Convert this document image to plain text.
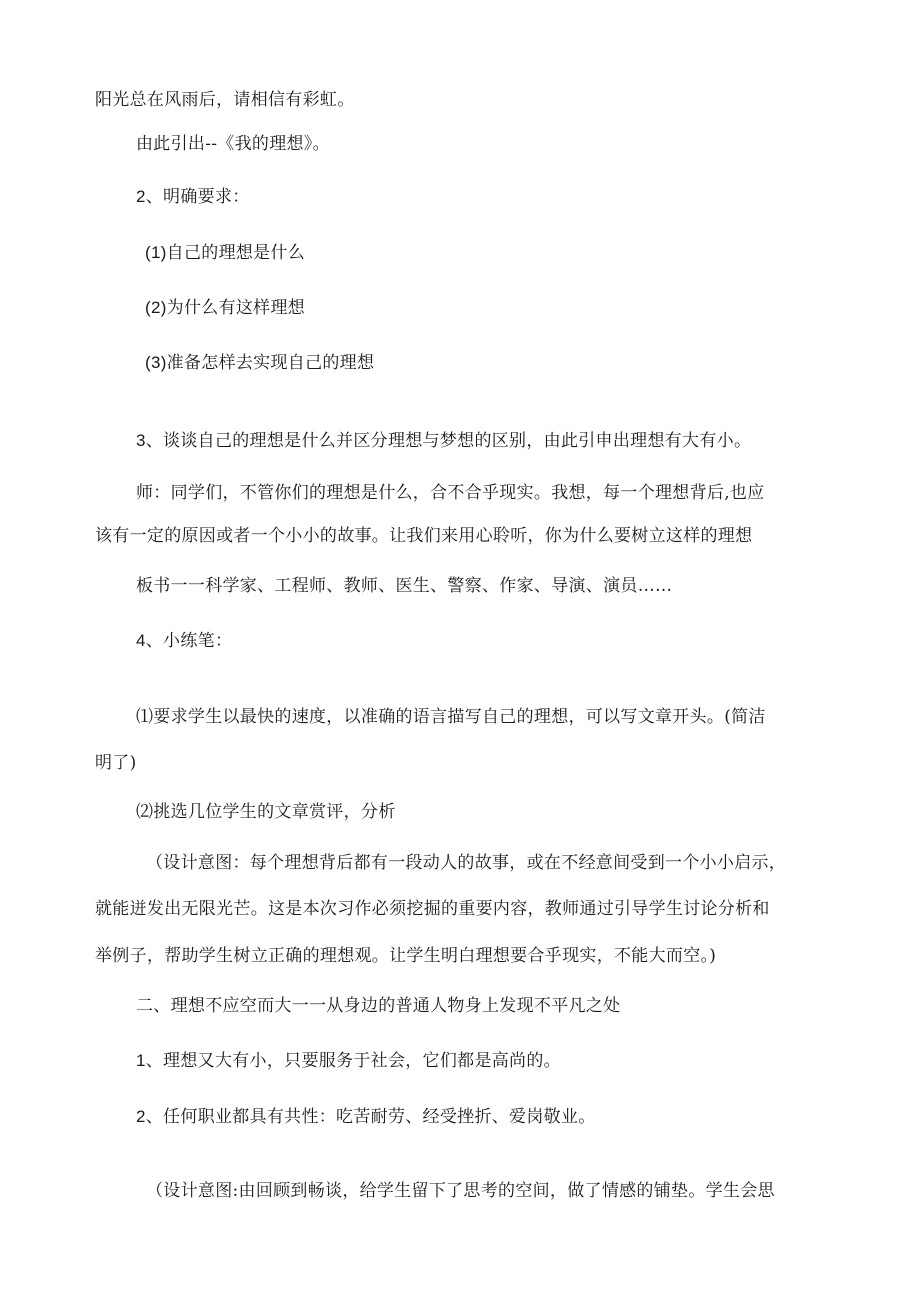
阳光总在风雨后，请相信有彩虹。
由此引出--《我的理想》。
2、明确要求：
(1)自己的理想是什么
(2)为什么有这样理想
(3)准备怎样去实现自己的理想
3、谈谈自己的理想是什么并区分理想与梦想的区别，由此引申出理想有大有小。
师：同学们，不管你们的理想是什么，合不合乎现实。我想，每一个理想背后,也应
该有一定的原因或者一个小小的故事。让我们来用心聆听，你为什么要树立这样的理想
板书一一科学家、工程师、教师、医生、警察、作家、导演、演员……
4、小练笔：
⑴要求学生以最快的速度，以准确的语言描写自己的理想，可以写文章开头。(简洁
明了)
⑵挑选几位学生的文章赏评，分析
（设计意图：每个理想背后都有一段动人的故事，或在不经意间受到一个小小启示，
就能迸发出无限光芒。这是本次习作必须挖掘的重要内容，教师通过引导学生讨论分析和
举例子，帮助学生树立正确的理想观。让学生明白理想要合乎现实，不能大而空。)
二、理想不应空而大一一从身边的普通人物身上发现不平凡之处
1、理想又大有小，只要服务于社会，它们都是高尚的。
2、任何职业都具有共性：吃苦耐劳、经受挫折、爱岗敬业。
（设计意图:由回顾到畅谈，给学生留下了思考的空间，做了情感的铺垫。学生会思
